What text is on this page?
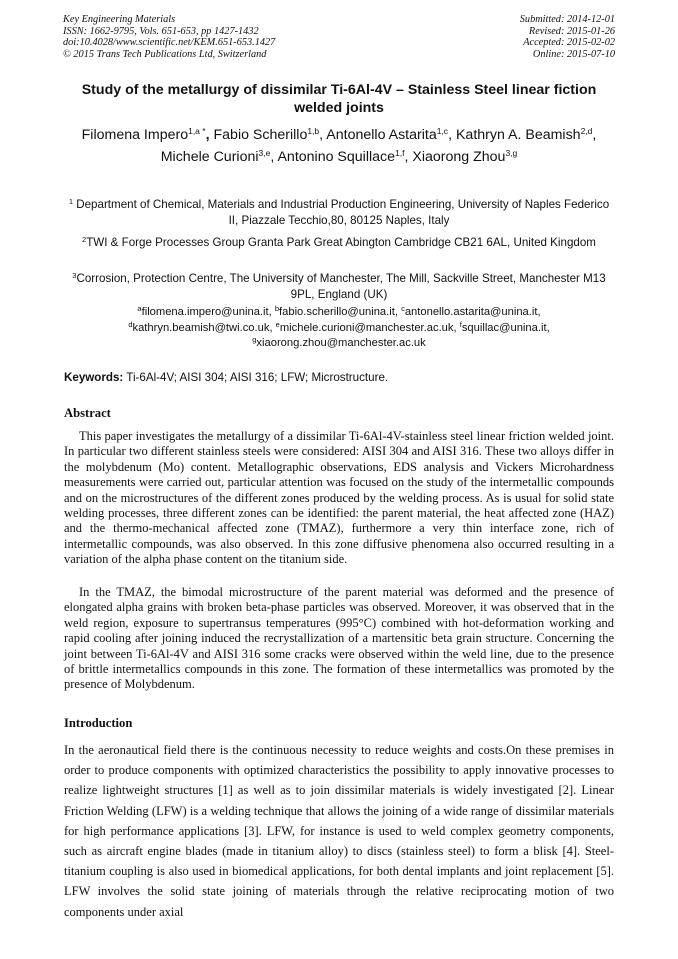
Key Engineering Materials
ISSN: 1662-9795, Vols. 651-653, pp 1427-1432
doi:10.4028/www.scientific.net/KEM.651-653.1427
© 2015 Trans Tech Publications Ltd, Switzerland
Submitted: 2014-12-01
Revised: 2015-01-26
Accepted: 2015-02-02
Online: 2015-07-10
Study of the metallurgy of dissimilar Ti-6Al-4V – Stainless Steel linear fiction welded joints
Filomena Impero$^{1,a *}$, Fabio Scherillo$^{1,b}$, Antonello Astarita$^{1,c}$, Kathryn A. Beamish$^{2,d}$, Michele Curioni$^{3,e}$, Antonino Squillace$^{1,f}$, Xiaorong Zhou$^{3,g}$
$^1$ Department of Chemical, Materials and Industrial Production Engineering, University of Naples Federico II, Piazzale Tecchio,80, 80125 Naples, Italy
$^2$TWI & Forge Processes Group Granta Park Great Abington Cambridge CB21 6AL, United Kingdom
$^3$Corrosion, Protection Centre, The University of Manchester, The Mill, Sackville Street, Manchester M13 9PL, England (UK)
$^a$filomena.impero@unina.it, $^b$fabio.scherillo@unina.it, $^c$antonello.astarita@unina.it,
$^d$kathryn.beamish@twi.co.uk, $^e$michele.curioni@manchester.ac.uk, $^f$squillac@unina.it,
$^g$xiaorong.zhou@manchester.ac.uk
Keywords: Ti-6Al-4V; AISI 304; AISI 316; LFW; Microstructure.
Abstract
This paper investigates the metallurgy of a dissimilar Ti-6Al-4V-stainless steel linear friction welded joint. In particular two different stainless steels were considered: AISI 304 and AISI 316. These two alloys differ in the molybdenum (Mo) content. Metallographic observations, EDS analysis and Vickers Microhardness measurements were carried out, particular attention was focused on the study of the intermetallic compounds and on the microstructures of the different zones produced by the welding process. As is usual for solid state welding processes, three different zones can be identified: the parent material, the heat affected zone (HAZ) and the thermo-mechanical affected zone (TMAZ), furthermore a very thin interface zone, rich of intermetallic compounds, was also observed. In this zone diffusive phenomena also occurred resulting in a variation of the alpha phase content on the titanium side.
In the TMAZ, the bimodal microstructure of the parent material was deformed and the presence of elongated alpha grains with broken beta-phase particles was observed. Moreover, it was observed that in the weld region, exposure to supertransus temperatures (995°C) combined with hot-deformation working and rapid cooling after joining induced the recrystallization of a martensitic beta grain structure. Concerning the joint between Ti-6Al-4V and AISI 316 some cracks were observed within the weld line, due to the presence of brittle intermetallics compounds in this zone. The formation of these intermetallics was promoted by the presence of Molybdenum.
Introduction
In the aeronautical field there is the continuous necessity to reduce weights and costs.On these premises in order to produce components with optimized characteristics the possibility to apply innovative processes to realize lightweight structures [1] as well as to join dissimilar materials is widely investigated [2]. Linear Friction Welding (LFW) is a welding technique that allows the joining of a wide range of dissimilar materials for high performance applications [3]. LFW, for instance is used to weld complex geometry components, such as aircraft engine blades (made in titanium alloy) to discs (stainless steel) to form a blisk [4]. Steel-titanium coupling is also used in biomedical applications, for both dental implants and joint replacement [5]. LFW involves the solid state joining of materials through the relative reciprocating motion of two components under axial
